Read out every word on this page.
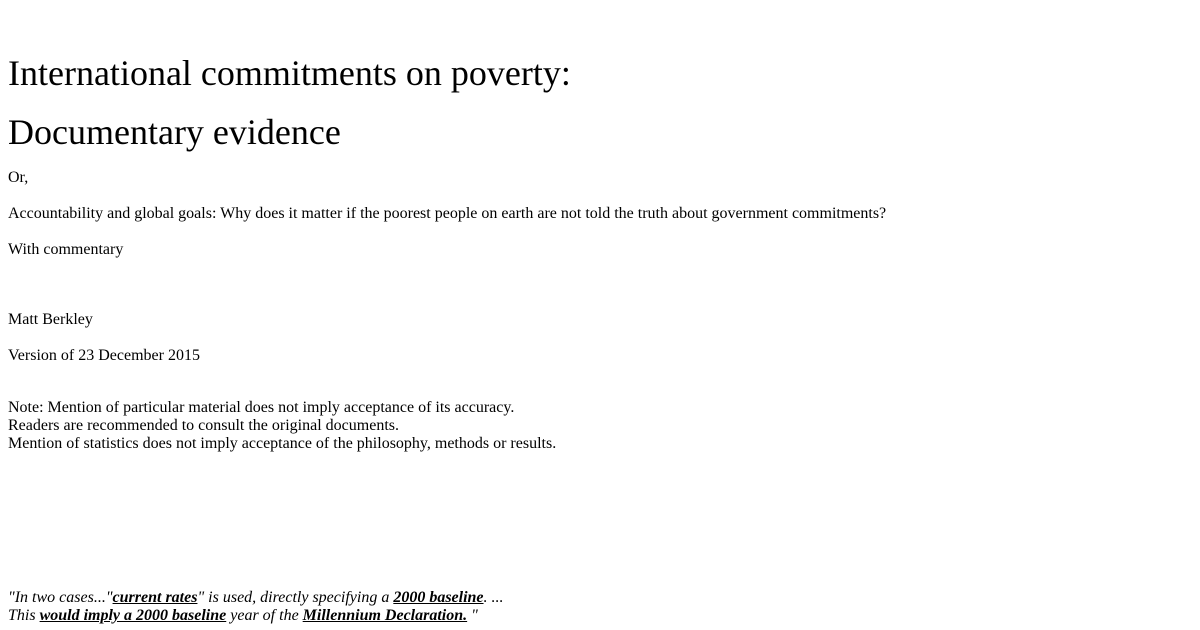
International commitments on poverty:
Documentary evidence

Or,

Accountability and global goals: Why does it matter if the poorest people on earth are not told the truth about government commitments?

With commentary

Matt Berkley

Version of 23 December 2015

Note: Mention of particular material does not imply acceptance of its accuracy.

Readers are recommended to consult the original documents.

Mention of statistics does not imply acceptance of the philosophy, methods or results.

"In two cases..."current rates" is used, directly specifying a 2000 baseline. ...

This would imply a 2000 baseline year of the Millennium Declaration. "
